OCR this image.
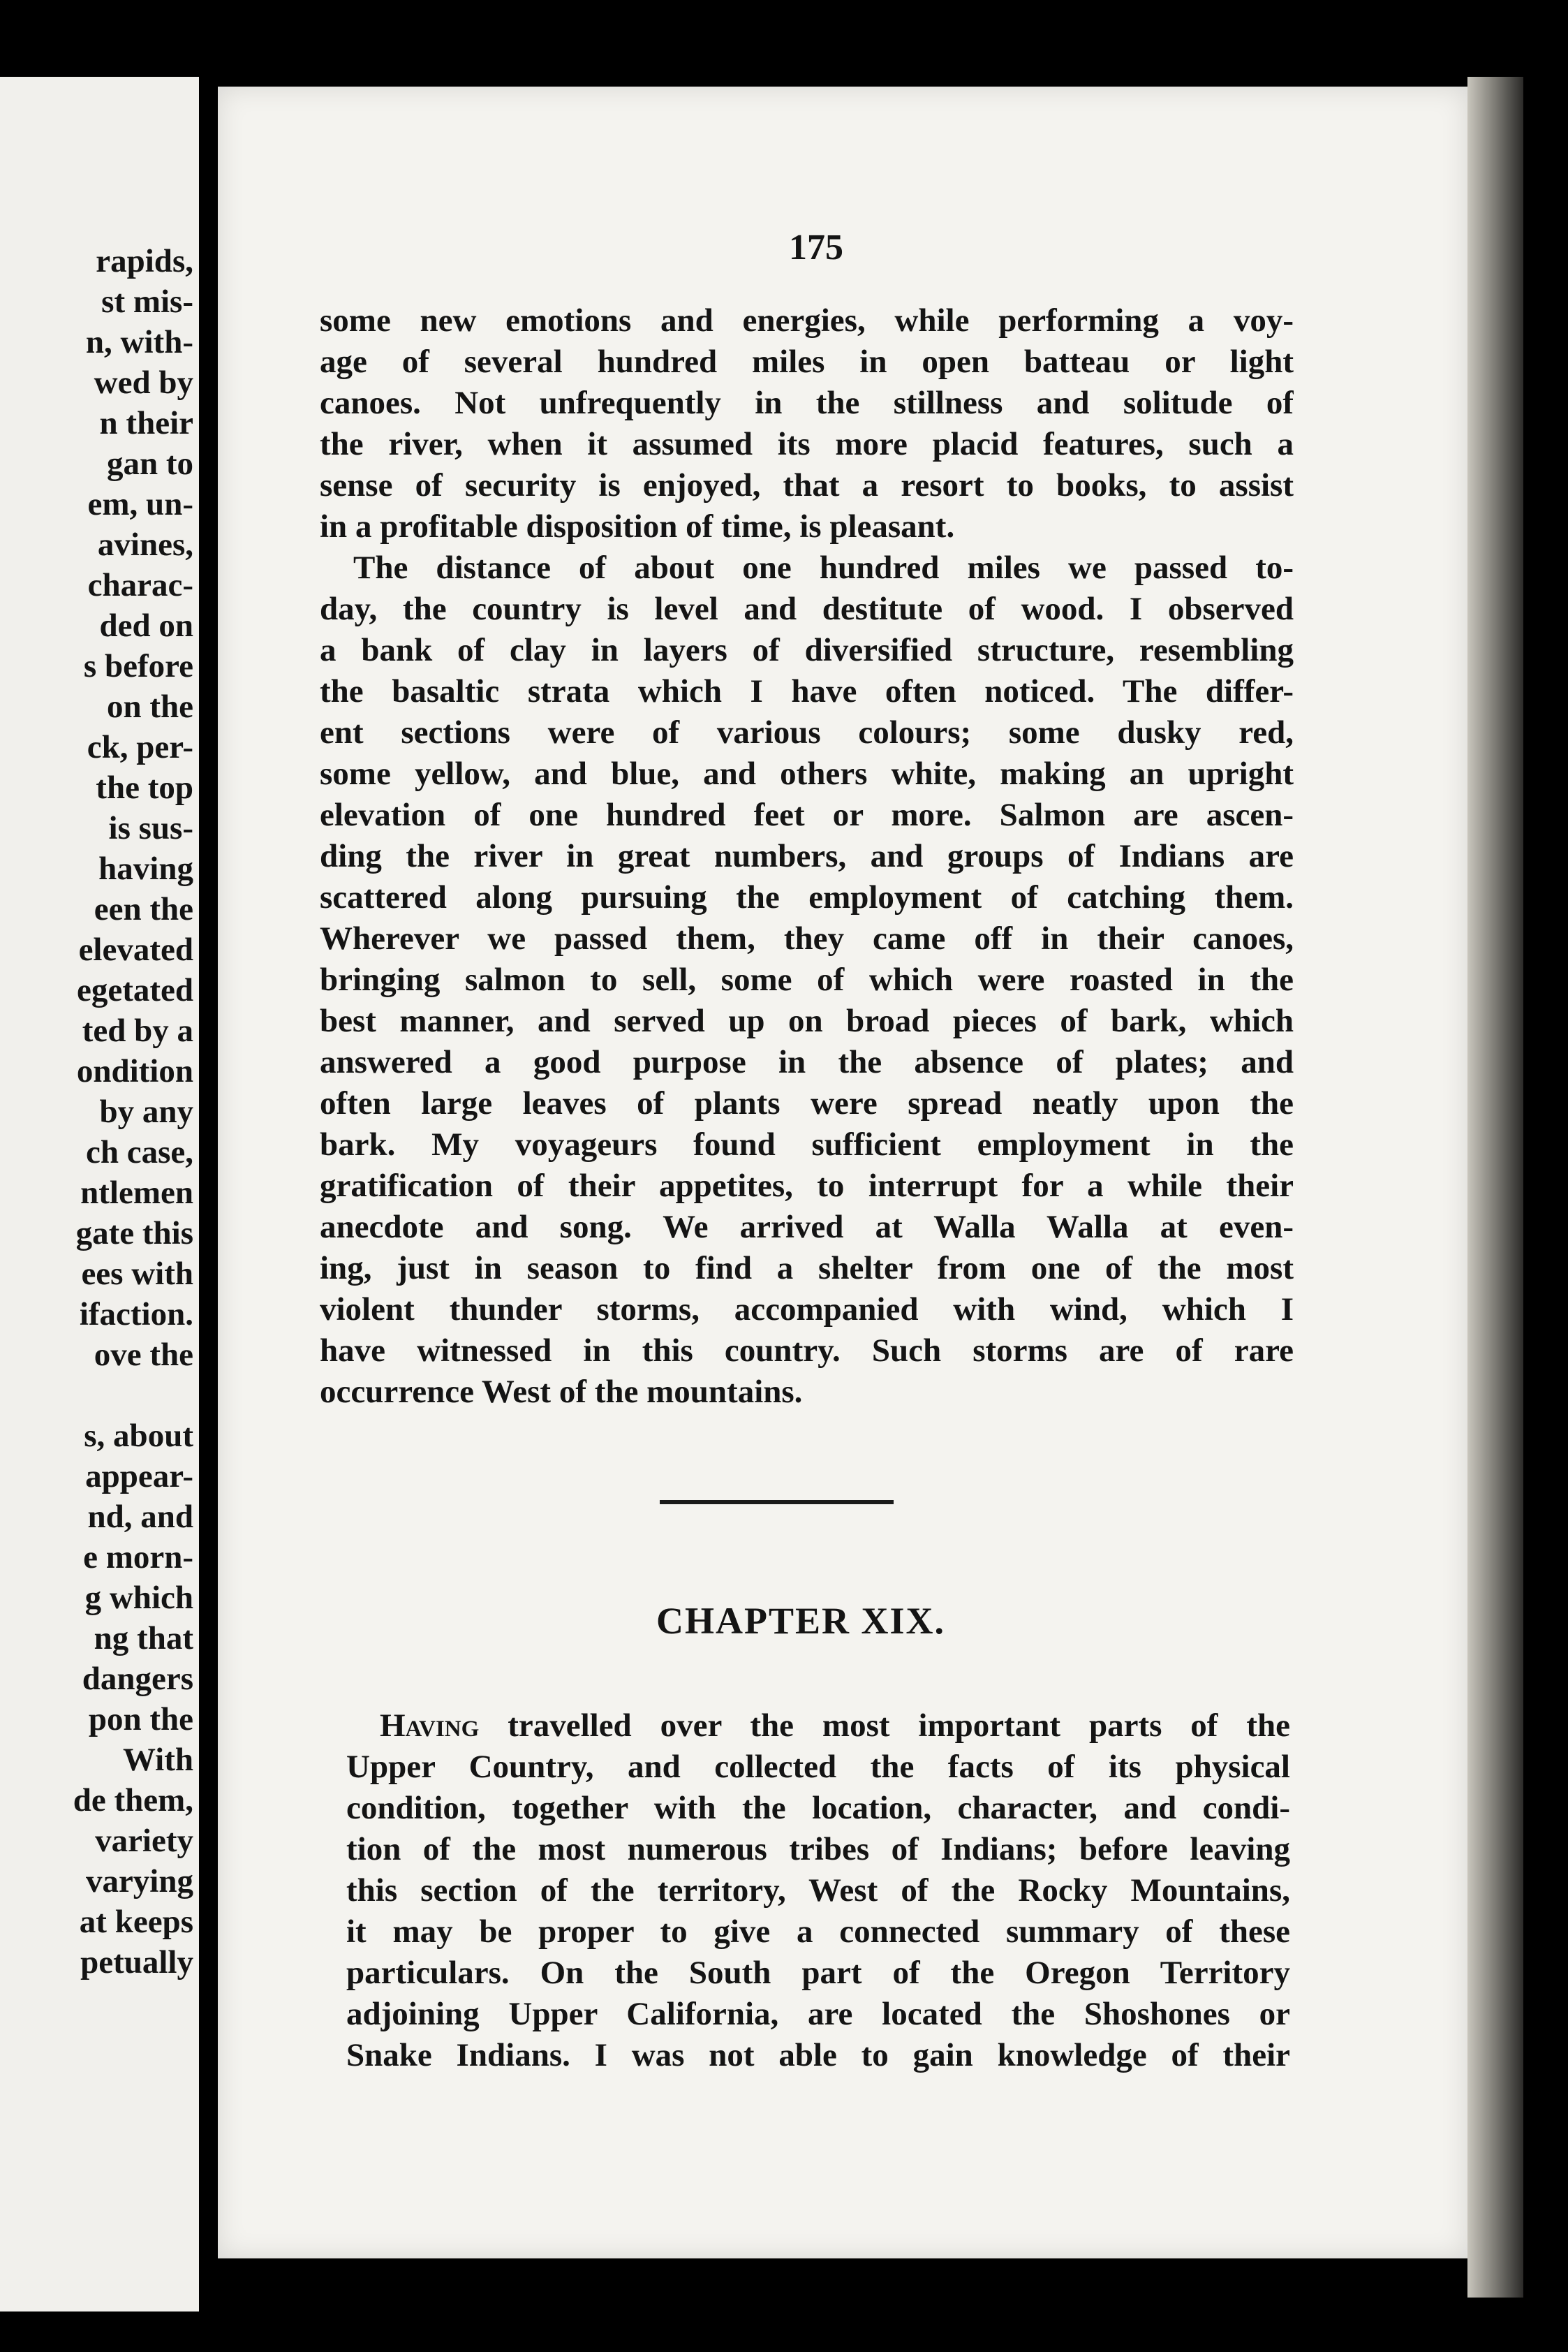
rapids,
st mis-
n, with-
wed by
n their
gan to
em, un-
avines,
charac-
ded on
s before
on the
ck, per-
the top
is sus-
having
een the
elevated
egetated
ted by a
ondition
by any
ch case,
ntlemen
gate this
ees with
ifaction.
ove the
s, about
appear-
nd, and
e morn-
g which
ng that
dangers
pon the
With
de them,
variety
varying
at keeps
petually
175
some new emotions and energies, while performing a voy-
age of several hundred miles in open batteau or light
canoes. Not unfrequently in the stillness and solitude of
the river, when it assumed its more placid features, such a
sense of security is enjoyed, that a resort to books, to assist
in a profitable disposition of time, is pleasant.
The distance of about one hundred miles we passed to-
day, the country is level and destitute of wood. I observed
a bank of clay in layers of diversified structure, resembling
the basaltic strata which I have often noticed. The differ-
ent sections were of various colours; some dusky red,
some yellow, and blue, and others white, making an upright
elevation of one hundred feet or more. Salmon are ascen-
ding the river in great numbers, and groups of Indians are
scattered along pursuing the employment of catching them.
Wherever we passed them, they came off in their canoes,
bringing salmon to sell, some of which were roasted in the
best manner, and served up on broad pieces of bark, which
answered a good purpose in the absence of plates; and
often large leaves of plants were spread neatly upon the
bark. My voyageurs found sufficient employment in the
gratification of their appetites, to interrupt for a while their
anecdote and song. We arrived at Walla Walla at even-
ing, just in season to find a shelter from one of the most
violent thunder storms, accompanied with wind, which I
have witnessed in this country. Such storms are of rare
occurrence West of the mountains.
CHAPTER XIX.
Having travelled over the most important parts of the
Upper Country, and collected the facts of its physical
condition, together with the location, character, and condi-
tion of the most numerous tribes of Indians; before leaving
this section of the territory, West of the Rocky Mountains,
it may be proper to give a connected summary of these
particulars. On the South part of the Oregon Territory
adjoining Upper California, are located the Shoshones or
Snake Indians. I was not able to gain knowledge of their
